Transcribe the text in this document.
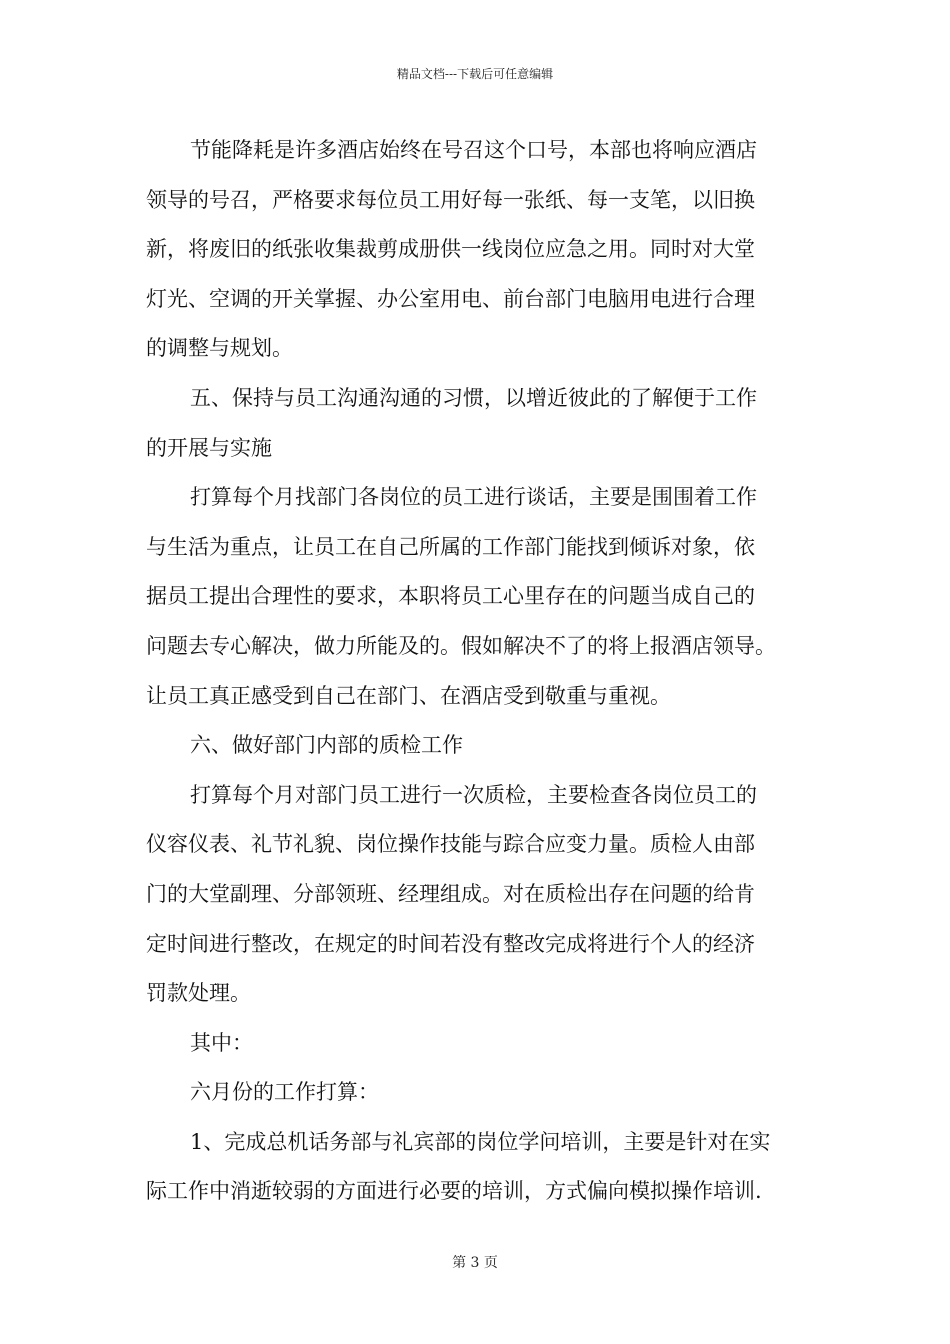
精品文档---下载后可任意编辑
节能降耗是许多酒店始终在号召这个口号，本部也将响应酒店
领导的号召，严格要求每位员工用好每一张纸、每一支笔，以旧换
新，将废旧的纸张收集裁剪成册供一线岗位应急之用。同时对大堂
灯光、空调的开关掌握、办公室用电、前台部门电脑用电进行合理
的调整与规划。
五、保持与员工沟通沟通的习惯，以增近彼此的了解便于工作
的开展与实施
打算每个月找部门各岗位的员工进行谈话，主要是围围着工作
与生活为重点，让员工在自己所属的工作部门能找到倾诉对象，依
据员工提出合理性的要求，本职将员工心里存在的问题当成自己的
问题去专心解决，做力所能及的。假如解决不了的将上报酒店领导。
让员工真正感受到自己在部门、在酒店受到敬重与重视。
六、做好部门内部的质检工作
打算每个月对部门员工进行一次质检，主要检查各岗位员工的
仪容仪表、礼节礼貌、岗位操作技能与踪合应变力量。质检人由部
门的大堂副理、分部领班、经理组成。对在质检出存在问题的给肯
定时间进行整改，在规定的时间若没有整改完成将进行个人的经济
罚款处理。
其中：
六月份的工作打算：
1、完成总机话务部与礼宾部的岗位学问培训，主要是针对在实
际工作中消逝较弱的方面进行必要的培训，方式偏向模拟操作培训.
第 3 页
